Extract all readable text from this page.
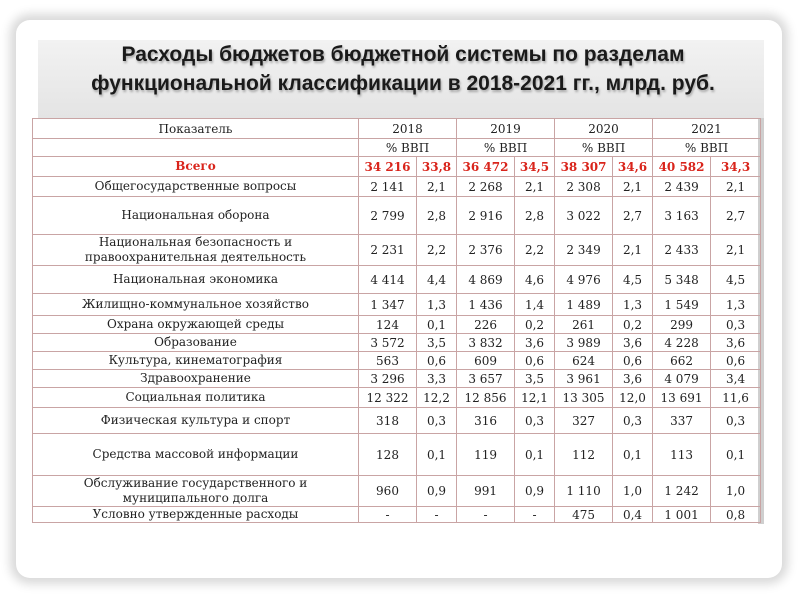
Расходы бюджетов бюджетной системы по разделам
функциональной классификации в 2018-2021 гг., млрд. руб.
Показатель	2018		2019		2020		2021	
	% ВВП		% ВВП		% ВВП		% ВВП	
Всего	34 216	33,8	36 472	34,5	38 307	34,6	40 582	34,3
Общегосударственные вопросы	2 141	2,1	2 268	2,1	2 308	2,1	2 439	2,1
Национальная оборона	2 799	2,8	2 916	2,8	3 022	2,7	3 163	2,7
Национальная безопасность и правоохранительная деятельность	2 231	2,2	2 376	2,2	2 349	2,1	2 433	2,1
Национальная экономика	4 414	4,4	4 869	4,6	4 976	4,5	5 348	4,5
Жилищно-коммунальное хозяйство	1 347	1,3	1 436	1,4	1 489	1,3	1 549	1,3
Охрана окружающей среды	124	0,1	226	0,2	261	0,2	299	0,3
Образование	3 572	3,5	3 832	3,6	3 989	3,6	4 228	3,6
Культура, кинематография	563	0,6	609	0,6	624	0,6	662	0,6
Здравоохранение	3 296	3,3	3 657	3,5	3 961	3,6	4 079	3,4
Социальная политика	12 322	12,2	12 856	12,1	13 305	12,0	13 691	11,6
Физическая культура и спорт	318	0,3	316	0,3	327	0,3	337	0,3
Средства массовой информации	128	0,1	119	0,1	112	0,1	113	0,1
Обслуживание государственного и муниципального долга	960	0,9	991	0,9	1 110	1,0	1 242	1,0
Условно утвержденные расходы	-	-	-	-	475	0,4	1 001	0,8
